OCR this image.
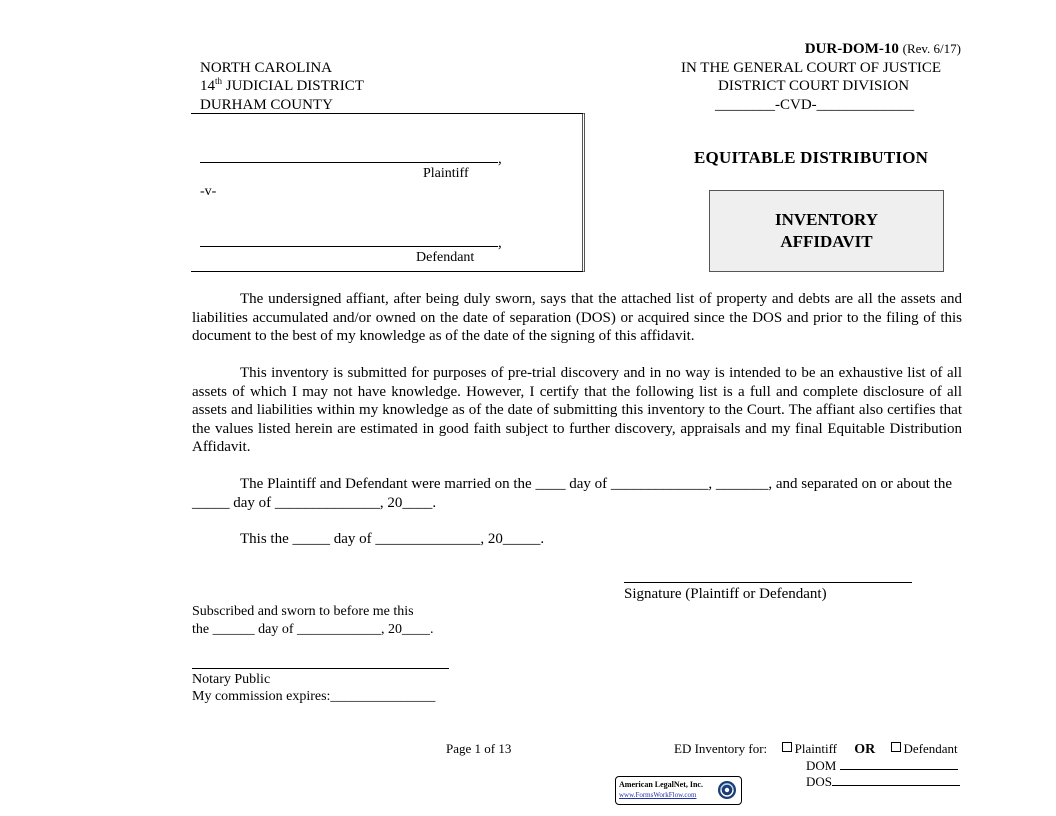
DUR-DOM-10 (Rev. 6/17)
IN THE GENERAL COURT OF JUSTICE
DISTRICT COURT DIVISION
________-CVD-_____________
NORTH CAROLINA
14th JUDICIAL DISTRICT
DURHAM COUNTY
,
Plaintiff
-v-
,
Defendant
EQUITABLE DISTRIBUTION
INVENTORY
AFFIDAVIT
The undersigned affiant, after being duly sworn, says that the attached list of property and debts are all the assets and liabilities accumulated and/or owned on the date of separation (DOS) or acquired since the DOS and prior to the filing of this document to the best of my knowledge as of the date of the signing of this affidavit.
This inventory is submitted for purposes of pre-trial discovery and in no way is intended to be an exhaustive list of all assets of which I may not have knowledge. However, I certify that the following list is a full and complete disclosure of all assets and liabilities within my knowledge as of the date of submitting this inventory to the Court. The affiant also certifies that the values listed herein are estimated in good faith subject to further discovery, appraisals and my final Equitable Distribution Affidavit.
The Plaintiff and Defendant were married on the ____ day of _____________, _______, and separated on or about the _____ day of ______________, 20____.
This the _____ day of ______________, 20_____.
Signature (Plaintiff or Defendant)
Subscribed and sworn to before me this
the ______ day of ____________, 20____.
Notary Public
My commission expires:_______________
Page 1 of 13	ED Inventory for: Plaintiff OR Defendant
DOM
DOS
American LegalNet, Inc.
www.FormsWorkFlow.com
